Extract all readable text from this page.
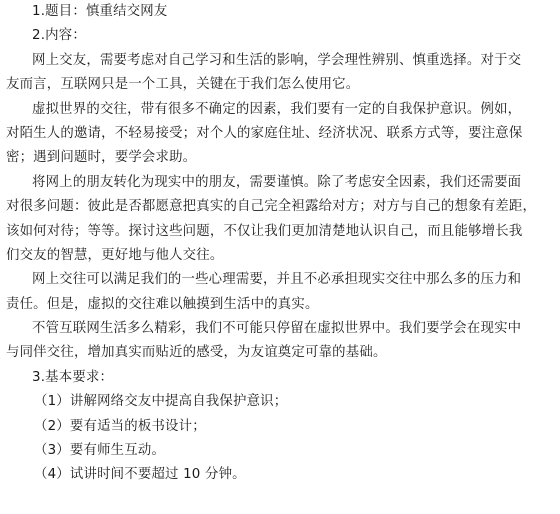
1.题目：慎重结交网友
2.内容：
网上交友，需要考虑对自己学习和生活的影响，学会理性辨别、慎重选择。对于交
友而言，互联网只是一个工具，关键在于我们怎么使用它。
虚拟世界的交往，带有很多不确定的因素，我们要有一定的自我保护意识。例如，
对陌生人的邀请，不轻易接受；对个人的家庭住址、经济状况、联系方式等，要注意保
密；遇到问题时，要学会求助。
将网上的朋友转化为现实中的朋友，需要谨慎。除了考虑安全因素，我们还需要面
对很多问题：彼此是否都愿意把真实的自己完全袒露给对方；对方与自己的想象有差距，
该如何对待；等等。探讨这些问题，不仅让我们更加清楚地认识自己，而且能够增长我
们交友的智慧，更好地与他人交往。
网上交往可以满足我们的一些心理需要，并且不必承担现实交往中那么多的压力和
责任。但是，虚拟的交往难以触摸到生活中的真实。
不管互联网生活多么精彩，我们不可能只停留在虚拟世界中。我们要学会在现实中
与同伴交往，增加真实而贴近的感受，为友谊奠定可靠的基础。
3.基本要求：
（1）讲解网络交友中提高自我保护意识；
（2）要有适当的板书设计；
（3）要有师生互动。
（4）试讲时间不要超过 10 分钟。
